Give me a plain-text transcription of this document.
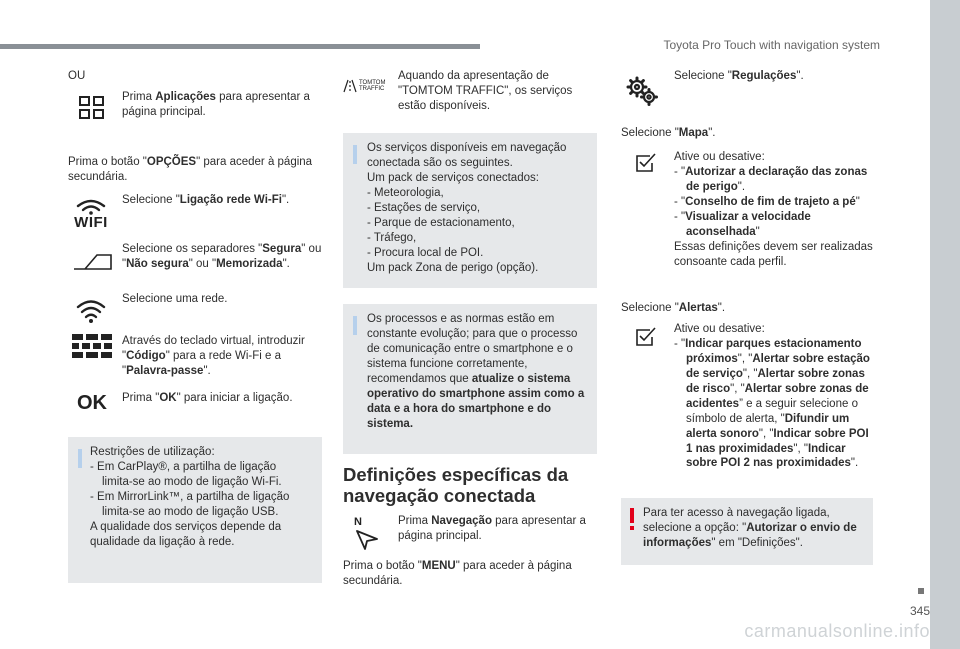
Toyota Pro Touch with navigation system
345
carmanualsonline.info
OU
Prima Aplicações para apresentar a página principal.
Prima o botão "OPÇÕES" para aceder à página secundária.
WIFI
Selecione "Ligação rede Wi-Fi".
Selecione os separadores "Segura" ou "Não segura" ou "Memorizada".
Selecione uma rede.
Através do teclado virtual, introduzir "Código" para a rede Wi-Fi e a "Palavra-passe".
OK Prima "OK" para iniciar a ligação.
Restrições de utilização:
- Em CarPlay®, a partilha de ligação limita-se ao modo de ligação Wi-Fi.
- Em MirrorLink™, a partilha de ligação limita-se ao modo de ligação USB.
A qualidade dos serviços depende da qualidade da ligação à rede.
TOMTOM
TRAFFIC
Aquando da apresentação de "TOMTOM TRAFFIC", os serviços estão disponíveis.
Os serviços disponíveis em navegação conectada são os seguintes.
Um pack de serviços conectados:
- Meteorologia,
- Estações de serviço,
- Parque de estacionamento,
- Tráfego,
- Procura local de POI.
Um pack Zona de perigo (opção).
Os processos e as normas estão em constante evolução; para que o processo de comunicação entre o smartphone e o sistema funcione corretamente, recomendamos que atualize o sistema operativo do smartphone assim como a data e a hora do smartphone e do sistema.
Definições específicas da navegação conectada
N	Prima Navegação para apresentar a página principal.
Prima o botão "MENU" para aceder à página secundária.
Selecione "Regulações".
Selecione "Mapa".
Ative ou desative:
- "Autorizar a declaração das zonas de perigo".
- "Conselho de fim de trajeto a pé"
- "Visualizar a velocidade aconselhada"
Essas definições devem ser realizadas consoante cada perfil.
Selecione "Alertas".
Ative ou desative:
- "Indicar parques estacionamento próximos", "Alertar sobre estação de serviço", "Alertar sobre zonas de risco", "Alertar sobre zonas de acidentes” e a seguir selecione o símbolo de alerta, "Difundir um alerta sonoro", "Indicar sobre POI 1 nas proximidades", "Indicar sobre POI 2 nas proximidades".
Para ter acesso à navegação ligada, selecione a opção: "Autorizar o envio de informações" em "Definições".
